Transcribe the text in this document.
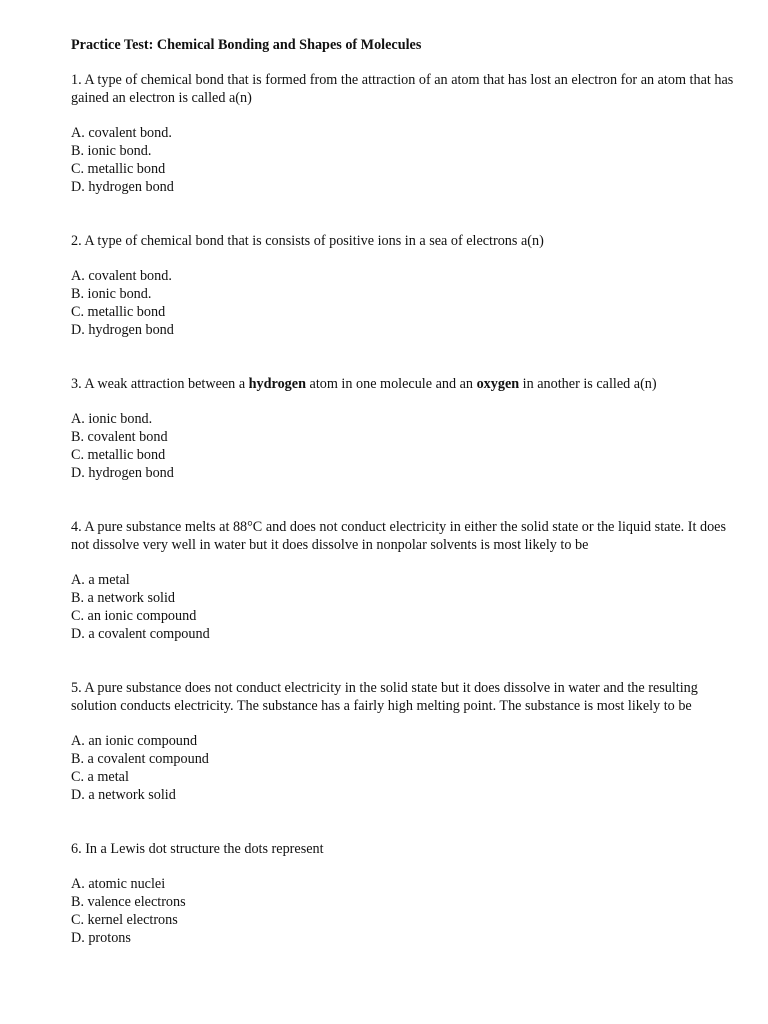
Practice Test: Chemical Bonding and Shapes of Molecules
1. A type of chemical bond that is formed from the attraction of an atom that has lost an electron for an atom that has gained an electron is called a(n)
A. covalent bond.
B. ionic bond.
C. metallic bond
D. hydrogen bond
2. A type of chemical bond that is consists of positive ions in a sea of electrons a(n)
A. covalent bond.
B. ionic bond.
C. metallic bond
D. hydrogen bond
3. A weak attraction between a hydrogen atom in one molecule and an oxygen in another is called a(n)
A. ionic bond.
B. covalent bond
C. metallic bond
D. hydrogen bond
4. A pure substance melts at 88°C and does not conduct electricity in either the solid state or the liquid state. It does not dissolve very well in water but it does dissolve in nonpolar solvents is most likely to be
A. a metal
B. a network solid
C. an ionic compound
D. a covalent compound
5. A pure substance does not conduct electricity in the solid state but it does dissolve in water and the resulting solution conducts electricity. The substance has a fairly high melting point. The substance is most likely to be
A. an ionic compound
B. a covalent compound
C. a metal
D. a network solid
6. In a Lewis dot structure the dots represent
A. atomic nuclei
B. valence electrons
C. kernel electrons
D. protons
